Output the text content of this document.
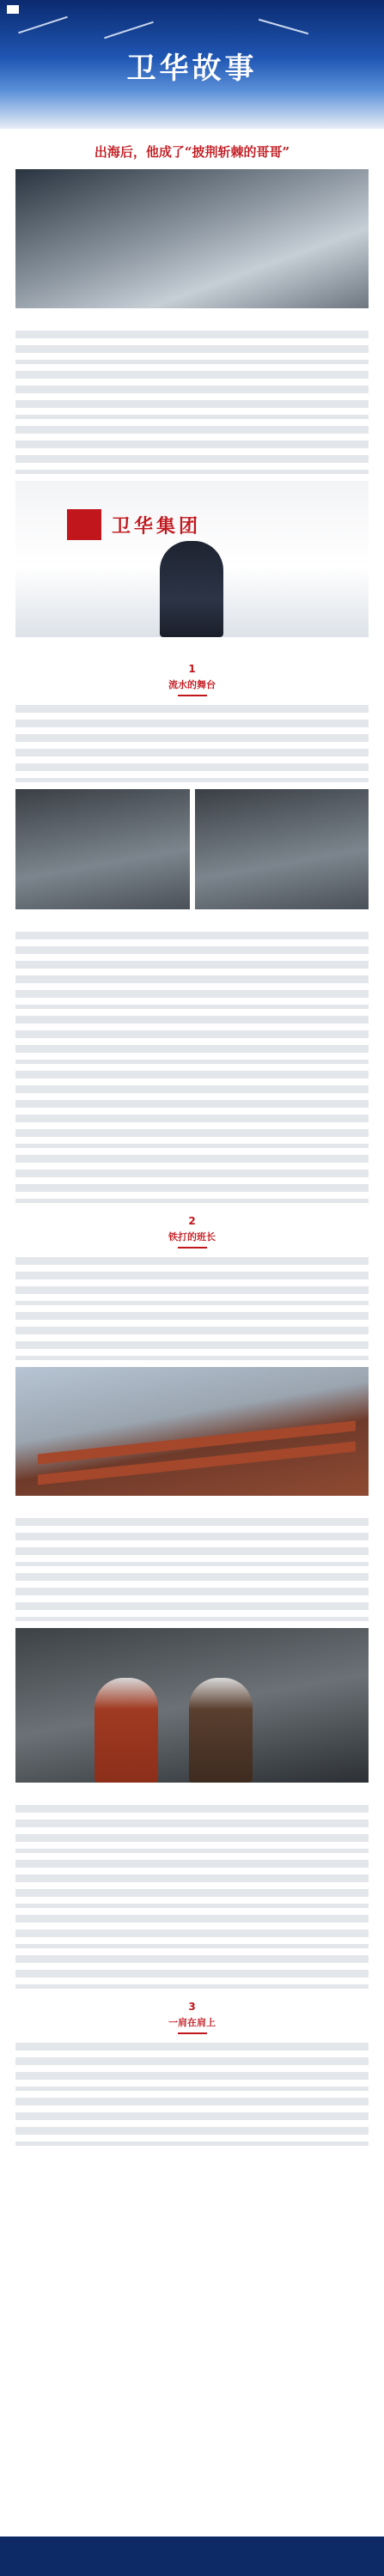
卫华故事
出海后，他成了“披荆斩棘的哥哥”

卫华集团
1
流水的舞台

2
铁打的班长

3
一肩在肩上
